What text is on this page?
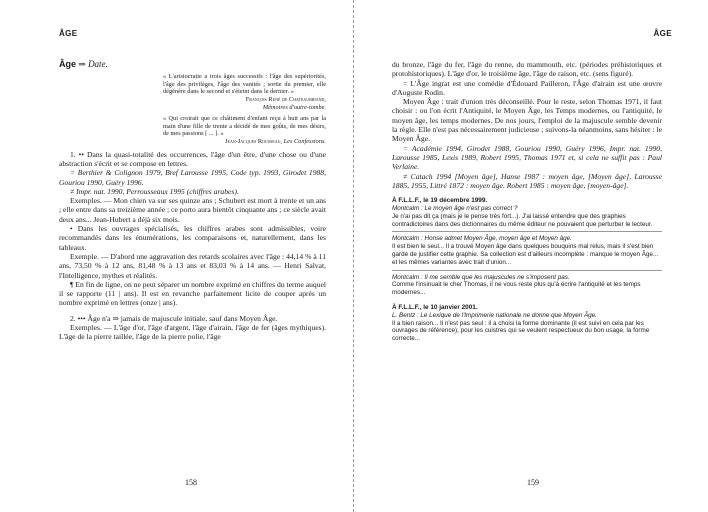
ÂGE
Âge ⇒ Date.

« L'aristocratie a trois âges successifs : l'âge des supériorités, l'âge des privilèges, l'âge des vanités ; sortie du premier, elle dégénère dans le second et s'éteint dans le dernier. »

François René de Chateaubriand,
Mémoires d'outre-tombe.

« Qui croirait que ce châtiment d'enfant reçu à huit ans par la main d'une fille de trente a décidé de mes goûts, de mes désirs, de mes passions [ ... ]. »

Jean-Jacques Rousseau, Les Confessions.

1. •• Dans la quasi-totalité des occurrences, l'âge d'un être, d'une chose ou d'une abstraction s'écrit et se compose en lettres.

= Berthier & Colignon 1979, Bref Larousse 1995, Code typ. 1993, Girodet 1988, Gouriou 1990, Guéry 1996.

≠ Impr. nat. 1990, Perrousseaux 1995 (chiffres arabes).

Exemples. — Mon chien va sur ses quinze ans ; Schubert est mort à trente et un ans ; elle entre dans sa treizième année ; ce porto aura bientôt cinquante ans ; ce siècle avait deux ans... Jean-Hubert a déjà six mois.

• Dans les ouvrages spécialisés, les chiffres arabes sont admissibles, voire recommandés dans les énumérations, les comparaisons et, naturellement, dans les tableaux.

Exemple. — D'abord une aggravation des retards scolaires avec l'âge : 44,14 % à 11 ans, 73,50 % à 12 ans, 81,48 % à 13 ans et 83,03 % à 14 ans. — Henri Salvat, l'Intelligence, mythes et réalités.

¶ En fin de ligne, on ne peut séparer un nombre exprimé en chiffres du terme auquel il se rapporte (11 | ans). Il est en revanche parfaitement licite de couper après un nombre exprimé en lettres (onze | ans).

2. ••• Âge n'a ⇒ jamais de majuscule initiale, sauf dans Moyen Âge.

Exemples. — L'âge d'or, l'âge d'argent, l'âge d'airain, l'âge de fer (âges mythiques). L'âge de la pierre taillée, l'âge de la pierre polie, l'âge

158
ÂGE

du bronze, l'âge du fer, l'âge du renne, du mammouth, etc. (périodes préhistoriques et protohistoriques). L'âge d'or, le troisième âge, l'âge de raison, etc. (sens figuré).

= L'Âge ingrat est une comédie d'Édouard Pailleron, l'Âge d'airain est une œuvre d'Auguste Rodin.

Moyen Âge : trait d'union très déconseillé. Pour le reste, selon Thomas 1971, il faut choisir : ou l'on écrit l'Antiquité, le Moyen Âge, les Temps modernes, ou l'antiquité, le moyen âge, les temps modernes. De nos jours, l'emploi de la majuscule semble devenir la règle. Elle n'est pas nécessairement judicieuse ; suivons-la néanmoins, sans hésiter : le Moyen Âge.

= Académie 1994, Girodet 1988, Gouriou 1990, Guéry 1996, Impr. nat. 1990, Larousse 1985, Lexis 1989, Robert 1995, Thomas 1971 et, si cela ne suffit pas : Paul Verlaine.

≠ Catach 1994 [Moyen âge], Hanse 1987 : moyen âge, [Moyen âge], Larousse 1885, 1955, Littré 1872 : moyen âge. Robert 1985 : moyen âge, [moyen-âge].

À F.L.L.F., le 19 décembre 1999.
Montcalm : Le moyen âge n'est pas correct ?
Je n'ai pas dit ça (mais je le pense très fort...). J'ai laissé entendre que des graphies contradictoires dans des dictionnaires du même éditeur ne pouvaient que perturber le lecteur.
Montcalm : Honse admet Moyen Âge, moyen âge et Moyen âge.
Il est bien le seul... Il a trouvé Moyen âge dans quelques bouquins mal relus, mais il s'est bien gardé de justifier cette graphie. Sa collection est d'ailleurs incomplète : manque le moyen Âge... et les mêmes variantes avec trait d'union...
Montcalm : Il me semble que les majuscules ne s'imposent pas.
Comme l'insinuait le cher Thomas, il ne vous reste plus qu'à écrire l'antiquité et les temps modernes...
À F.L.L.F., le 10 janvier 2001.
L. Bentz : Le Lexique de l'Imprimerie nationale ne donne que Moyen Âge.
Il a bien raison... Il n'est pas seul : il a choisi la forme dominante (il est suivi en cela par les ouvrages de référence), pour les cuistres qui se veulent respectueux du bon usage, la forme correcte...
159
